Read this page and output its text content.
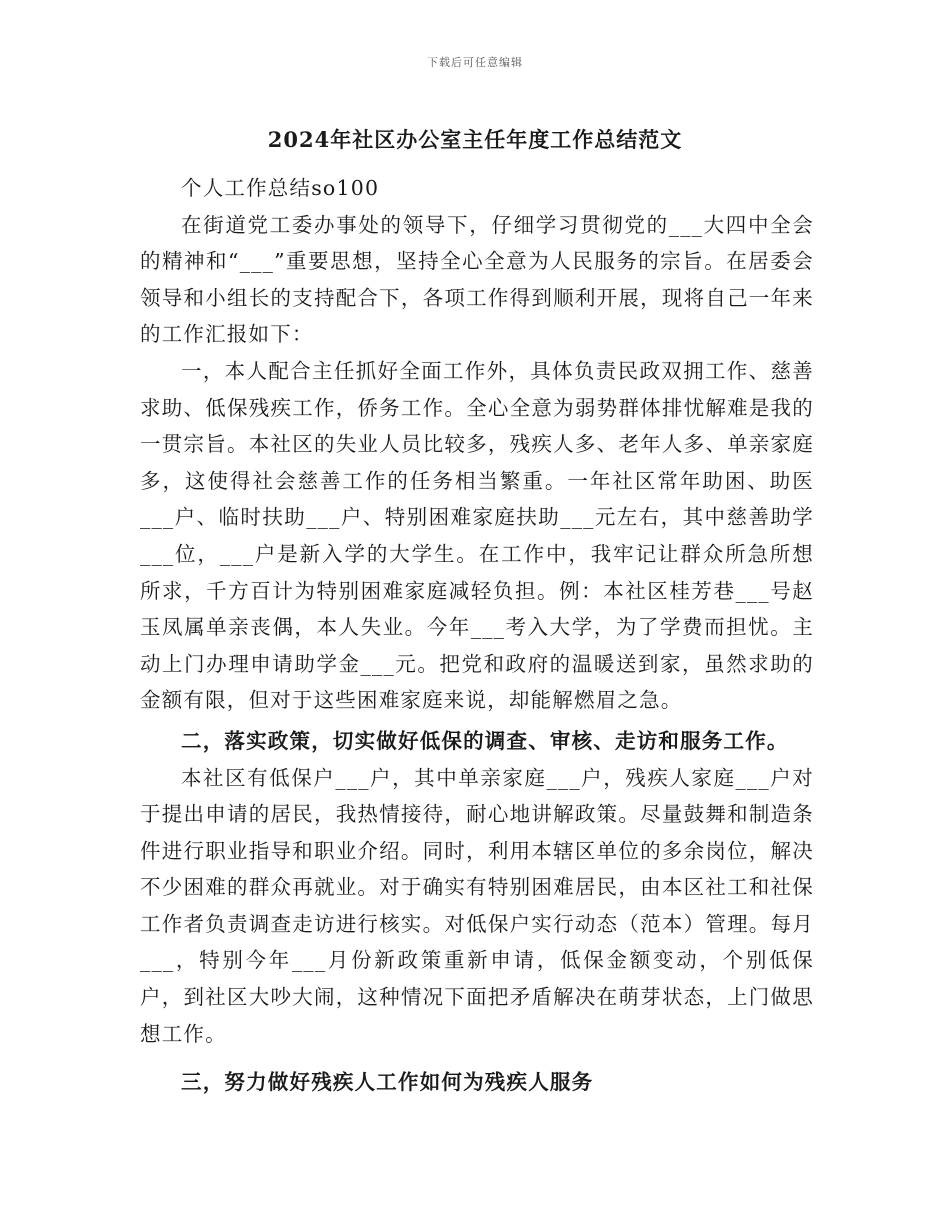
下载后可任意编辑
2024年社区办公室主任年度工作总结范文

个人工作总结so100

在街道党工委办事处的领导下，仔细学习贯彻党的___大四中全会的精神和“___”重要思想，坚持全心全意为人民服务的宗旨。在居委会领导和小组长的支持配合下，各项工作得到顺利开展，现将自己一年来的工作汇报如下：

一，本人配合主任抓好全面工作外，具体负责民政双拥工作、慈善求助、低保残疾工作，侨务工作。全心全意为弱势群体排忧解难是我的一贯宗旨。本社区的失业人员比较多，残疾人多、老年人多、单亲家庭多，这使得社会慈善工作的任务相当繁重。一年社区常年助困、助医___户、临时扶助___户、特别困难家庭扶助___元左右，其中慈善助学___位，___户是新入学的大学生。在工作中，我牢记让群众所急所想所求，千方百计为特别困难家庭减轻负担。例：本社区桂芳巷___号赵玉凤属单亲丧偶，本人失业。今年___考入大学，为了学费而担忧。主动上门办理申请助学金___元。把党和政府的温暖送到家，虽然求助的金额有限，但对于这些困难家庭来说，却能解燃眉之急。

二，落实政策，切实做好低保的调查、审核、走访和服务工作。

本社区有低保户___户，其中单亲家庭___户，残疾人家庭___户对于提出申请的居民，我热情接待，耐心地讲解政策。尽量鼓舞和制造条件进行职业指导和职业介绍。同时，利用本辖区单位的多余岗位，解决不少困难的群众再就业。对于确实有特别困难居民，由本区社工和社保工作者负责调查走访进行核实。对低保户实行动态（范本）管理。每月___，特别今年___月份新政策重新申请，低保金额变动，个别低保户，到社区大吵大闹，这种情况下面把矛盾解决在萌芽状态，上门做思想工作。

三，努力做好残疾人工作如何为残疾人服务
